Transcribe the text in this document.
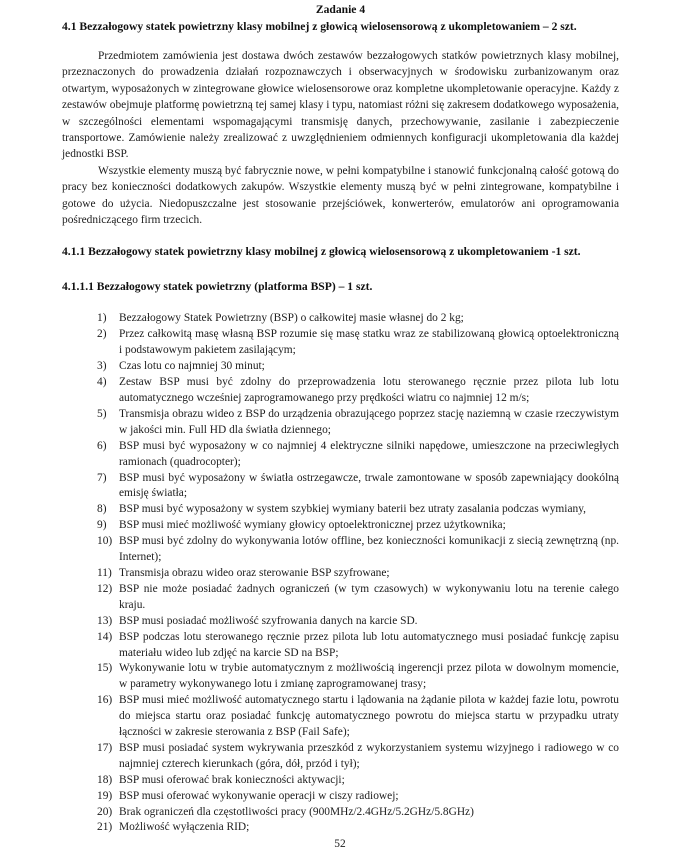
Zadanie 4
4.1 Bezzałogowy statek powietrzny klasy mobilnej z głowicą wielosensorową z ukompletowaniem – 2 szt.

Przedmiotem zamówienia jest dostawa dwóch zestawów bezzałogowych statków powietrznych klasy mobilnej, przeznaczonych do prowadzenia działań rozpoznawczych i obserwacyjnych w środowisku zurbanizowanym oraz otwartym, wyposażonych w zintegrowane głowice wielosensorowe oraz kompletne ukompletowanie operacyjne. Każdy z zestawów obejmuje platformę powietrzną tej samej klasy i typu, natomiast różni się zakresem dodatkowego wyposażenia, w szczególności elementami wspomagającymi transmisję danych, przechowywanie, zasilanie i zabezpieczenie transportowe. Zamówienie należy zrealizować z uwzględnieniem odmiennych konfiguracji ukompletowania dla każdej jednostki BSP.

Wszystkie elementy muszą być fabrycznie nowe, w pełni kompatybilne i stanowić funkcjonalną całość gotową do pracy bez konieczności dodatkowych zakupów. Wszystkie elementy muszą być w pełni zintegrowane, kompatybilne i gotowe do użycia. Niedopuszczalne jest stosowanie przejściówek, konwerterów, emulatorów ani oprogramowania pośredniczącego firm trzecich.

4.1.1 Bezzałogowy statek powietrzny klasy mobilnej z głowicą wielosensorową z ukompletowaniem -1 szt.
4.1.1.1 Bezzałogowy statek powietrzny (platforma BSP) – 1 szt.
1)	Bezzałogowy Statek Powietrzny (BSP) o całkowitej masie własnej do 2 kg;
2)	Przez całkowitą masę własną BSP rozumie się masę statku wraz ze stabilizowaną głowicą optoelektroniczną i podstawowym pakietem zasilającym;
3)	Czas lotu co najmniej 30 minut;
4)	Zestaw BSP musi być zdolny do przeprowadzenia lotu sterowanego ręcznie przez pilota lub lotu automatycznego wcześniej zaprogramowanego przy prędkości wiatru co najmniej 12 m/s;
5)	Transmisja obrazu wideo z BSP do urządzenia obrazującego poprzez stację naziemną w czasie rzeczywistym w jakości min. Full HD dla światła dziennego;
6)	BSP musi być wyposażony w co najmniej 4 elektryczne silniki napędowe, umieszczone na przeciwległych ramionach (quadrocopter);
7)	BSP musi być wyposażony w światła ostrzegawcze, trwale zamontowane w sposób zapewniający dookólną emisję światła;
8)	BSP musi być wyposażony w system szybkiej wymiany baterii bez utraty zasalania podczas wymiany,
9)	BSP musi mieć możliwość wymiany głowicy optoelektronicznej przez użytkownika;
10) BSP musi być zdolny do wykonywania lotów offline, bez konieczności komunikacji z siecią zewnętrzną (np. Internet);
11) Transmisja obrazu wideo oraz sterowanie BSP szyfrowane;
12) BSP nie może posiadać żadnych ograniczeń (w tym czasowych) w wykonywaniu lotu na terenie całego kraju.
13) BSP musi posiadać możliwość szyfrowania danych na karcie SD.
14) BSP podczas lotu sterowanego ręcznie przez pilota lub lotu automatycznego musi posiadać funkcję zapisu materiału wideo lub zdjęć na karcie SD na BSP;
15) Wykonywanie lotu w trybie automatycznym z możliwością ingerencji przez pilota w dowolnym momencie, w parametry wykonywanego lotu i zmianę zaprogramowanej trasy;
16) BSP musi mieć możliwość automatycznego startu i lądowania na żądanie pilota w każdej fazie lotu, powrotu do miejsca startu oraz posiadać funkcję automatycznego powrotu do miejsca startu w przypadku utraty łączności w zakresie sterowania z BSP (Fail Safe);
17) BSP musi posiadać system wykrywania przeszkód z wykorzystaniem systemu wizyjnego i radiowego w co najmniej czterech kierunkach (góra, dół, przód i tył);
18) BSP musi oferować brak konieczności aktywacji;
19) BSP musi oferować wykonywanie operacji w ciszy radiowej;
20) Brak ograniczeń dla częstotliwości pracy (900MHz/2.4GHz/5.2GHz/5.8GHz)
21) Możliwość wyłączenia RID;
52
